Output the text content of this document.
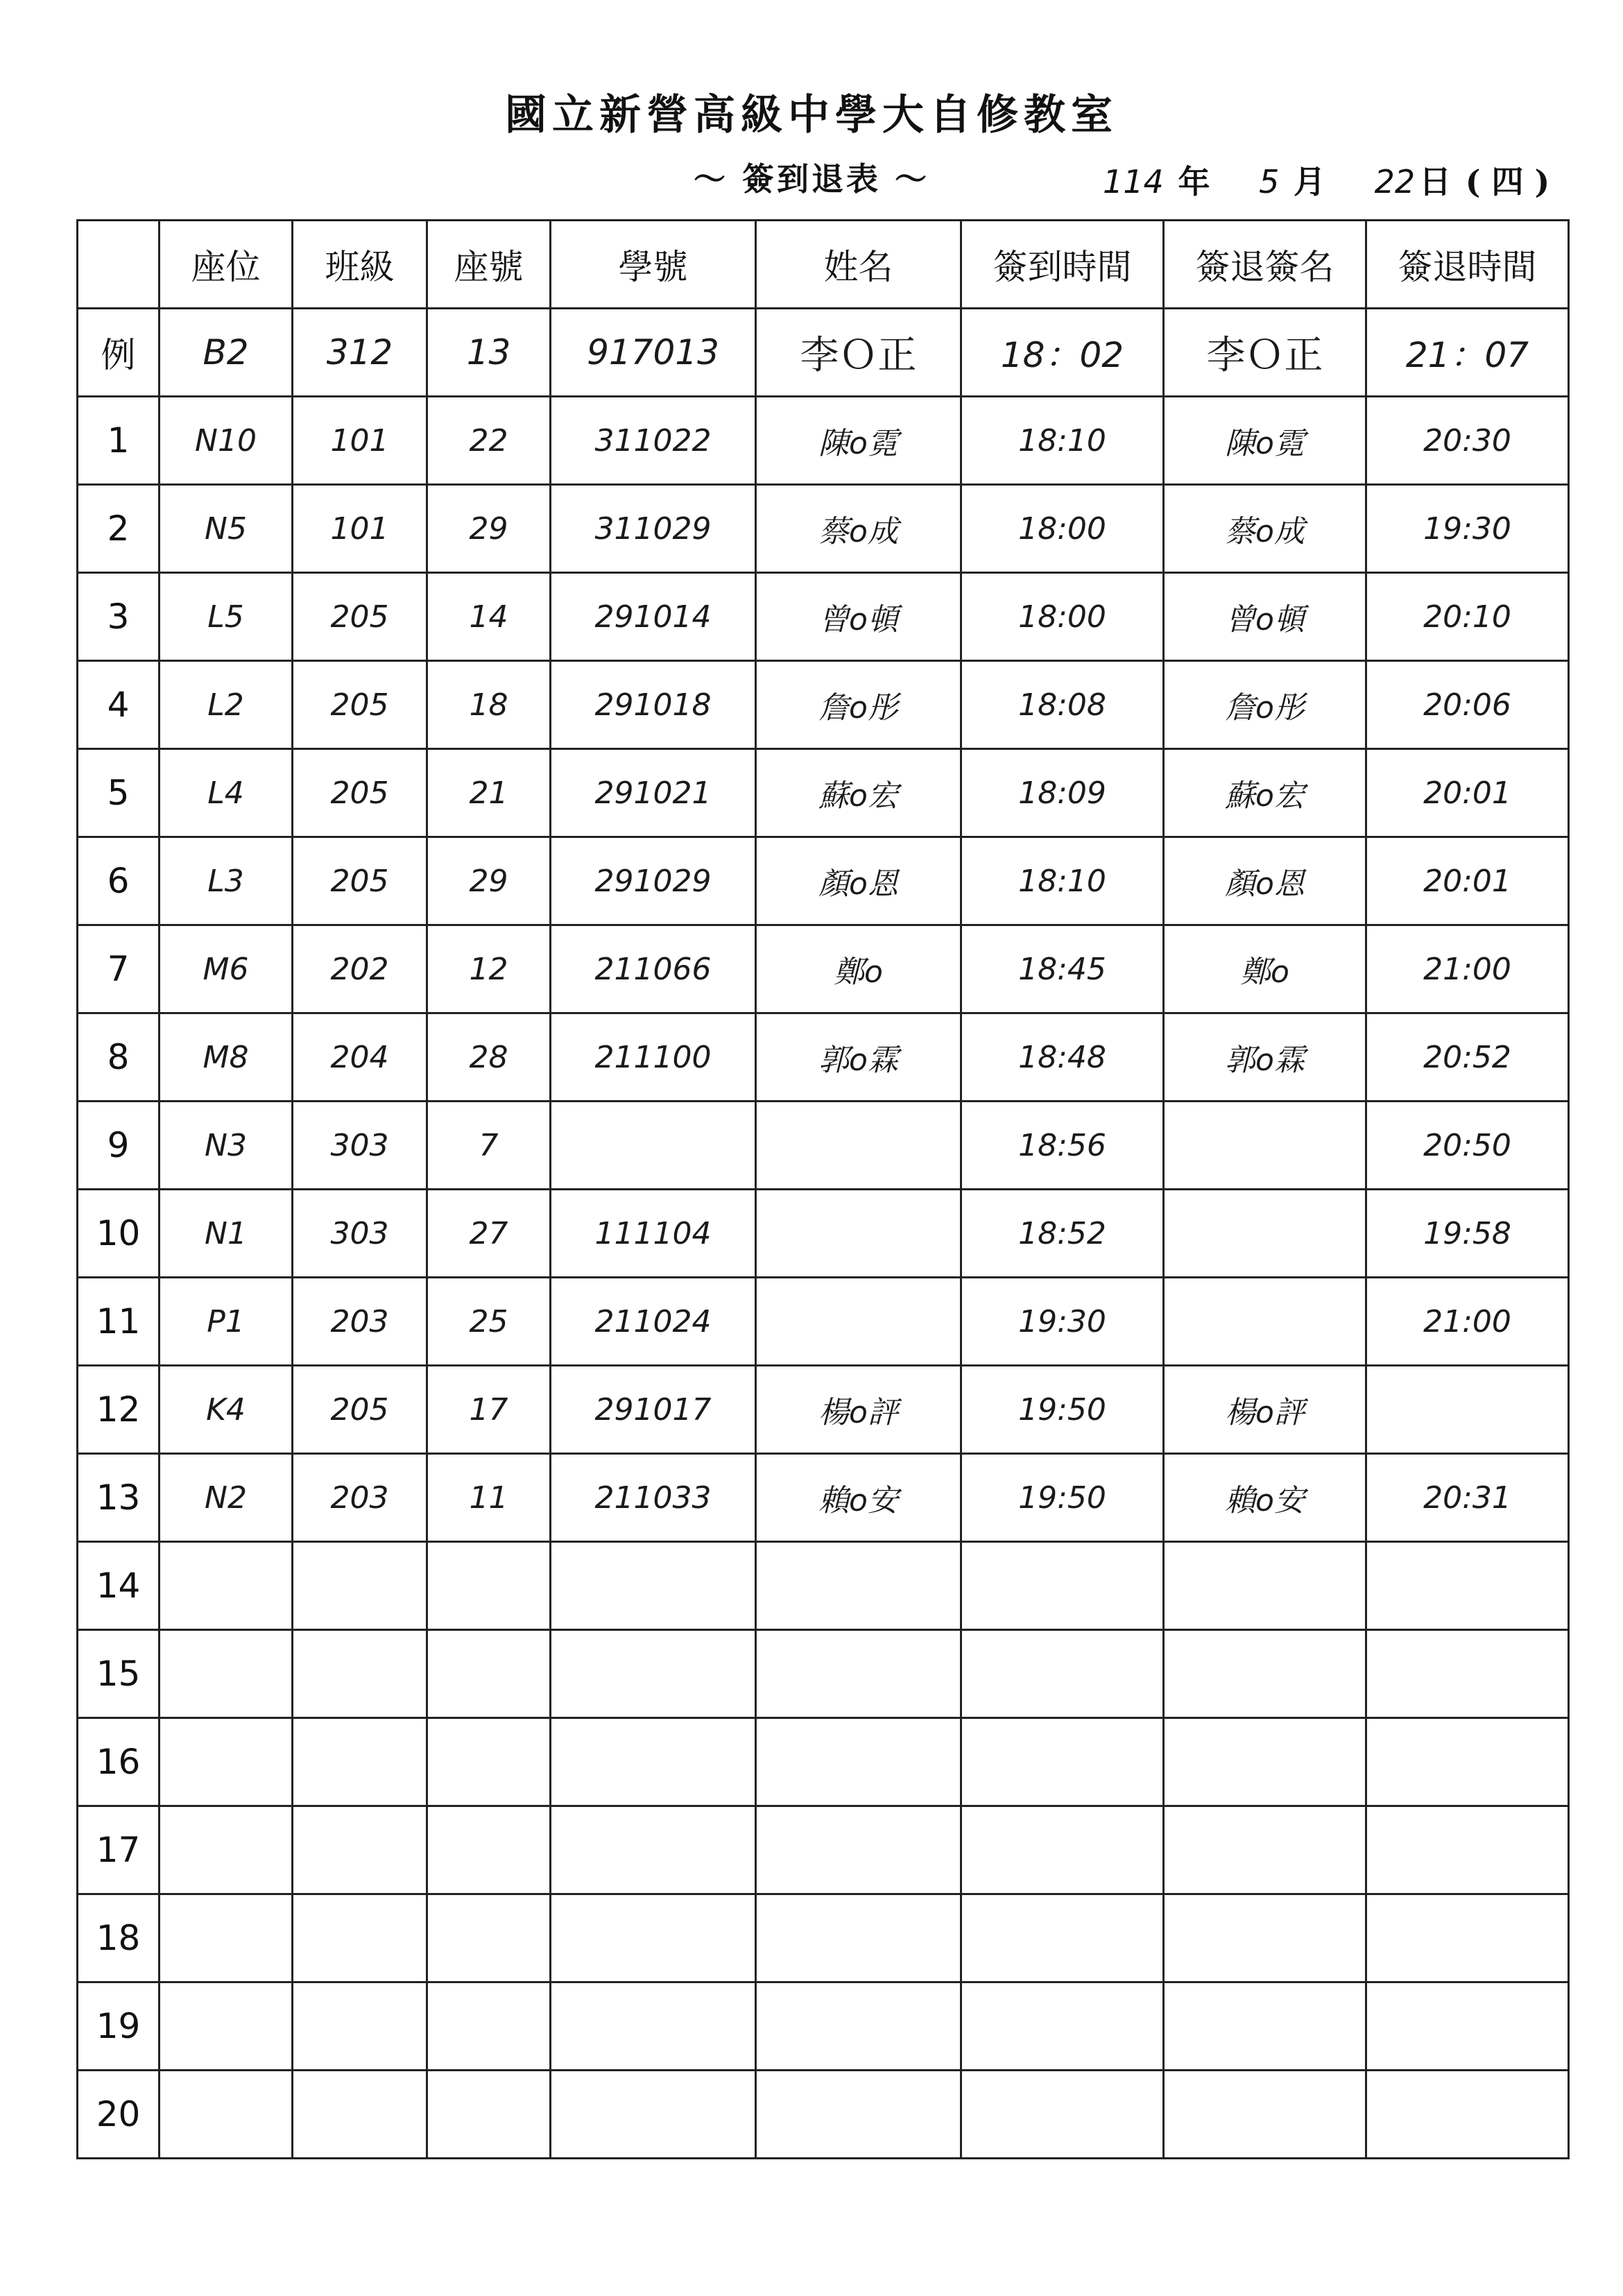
國立新營高級中學大自修教室
～ 簽到退表 ～	114 年 5 月 22 日 ( 四 )
	座位	班級	座號	學號	姓名	簽到時間	簽退簽名	簽退時間
例	B2	312	13	917013	李Ｏ正	18：02	李Ｏ正	21：07
1	N10	101	22	311022	陳o霓	18:10	陳o霓	20:30
2	N5	101	29	311029	蔡o成	18:00	蔡o成	19:30
3	L5	205	14	291014	曾o頓	18:00	曾o頓	20:10
4	L2	205	18	291018	詹o彤	18:08	詹o彤	20:06
5	L4	205	21	291021	蘇o宏	18:09	蘇o宏	20:01
6	L3	205	29	291029	顏o恩	18:10	顏o恩	20:01
7	M6	202	12	211066	鄭o	18:45	鄭o	21:00
8	M8	204	28	211100	郭o霖	18:48	郭o霖	20:52
9	N3	303	7			18:56		20:50
10	N1	303	27	111104		18:52		19:58
11	P1	203	25	211024		19:30		21:00
12	K4	205	17	291017	楊o評	19:50	楊o評	
13	N2	203	11	211033	賴o安	19:50	賴o安	20:31
14								
15								
16								
17								
18								
19								
20								
